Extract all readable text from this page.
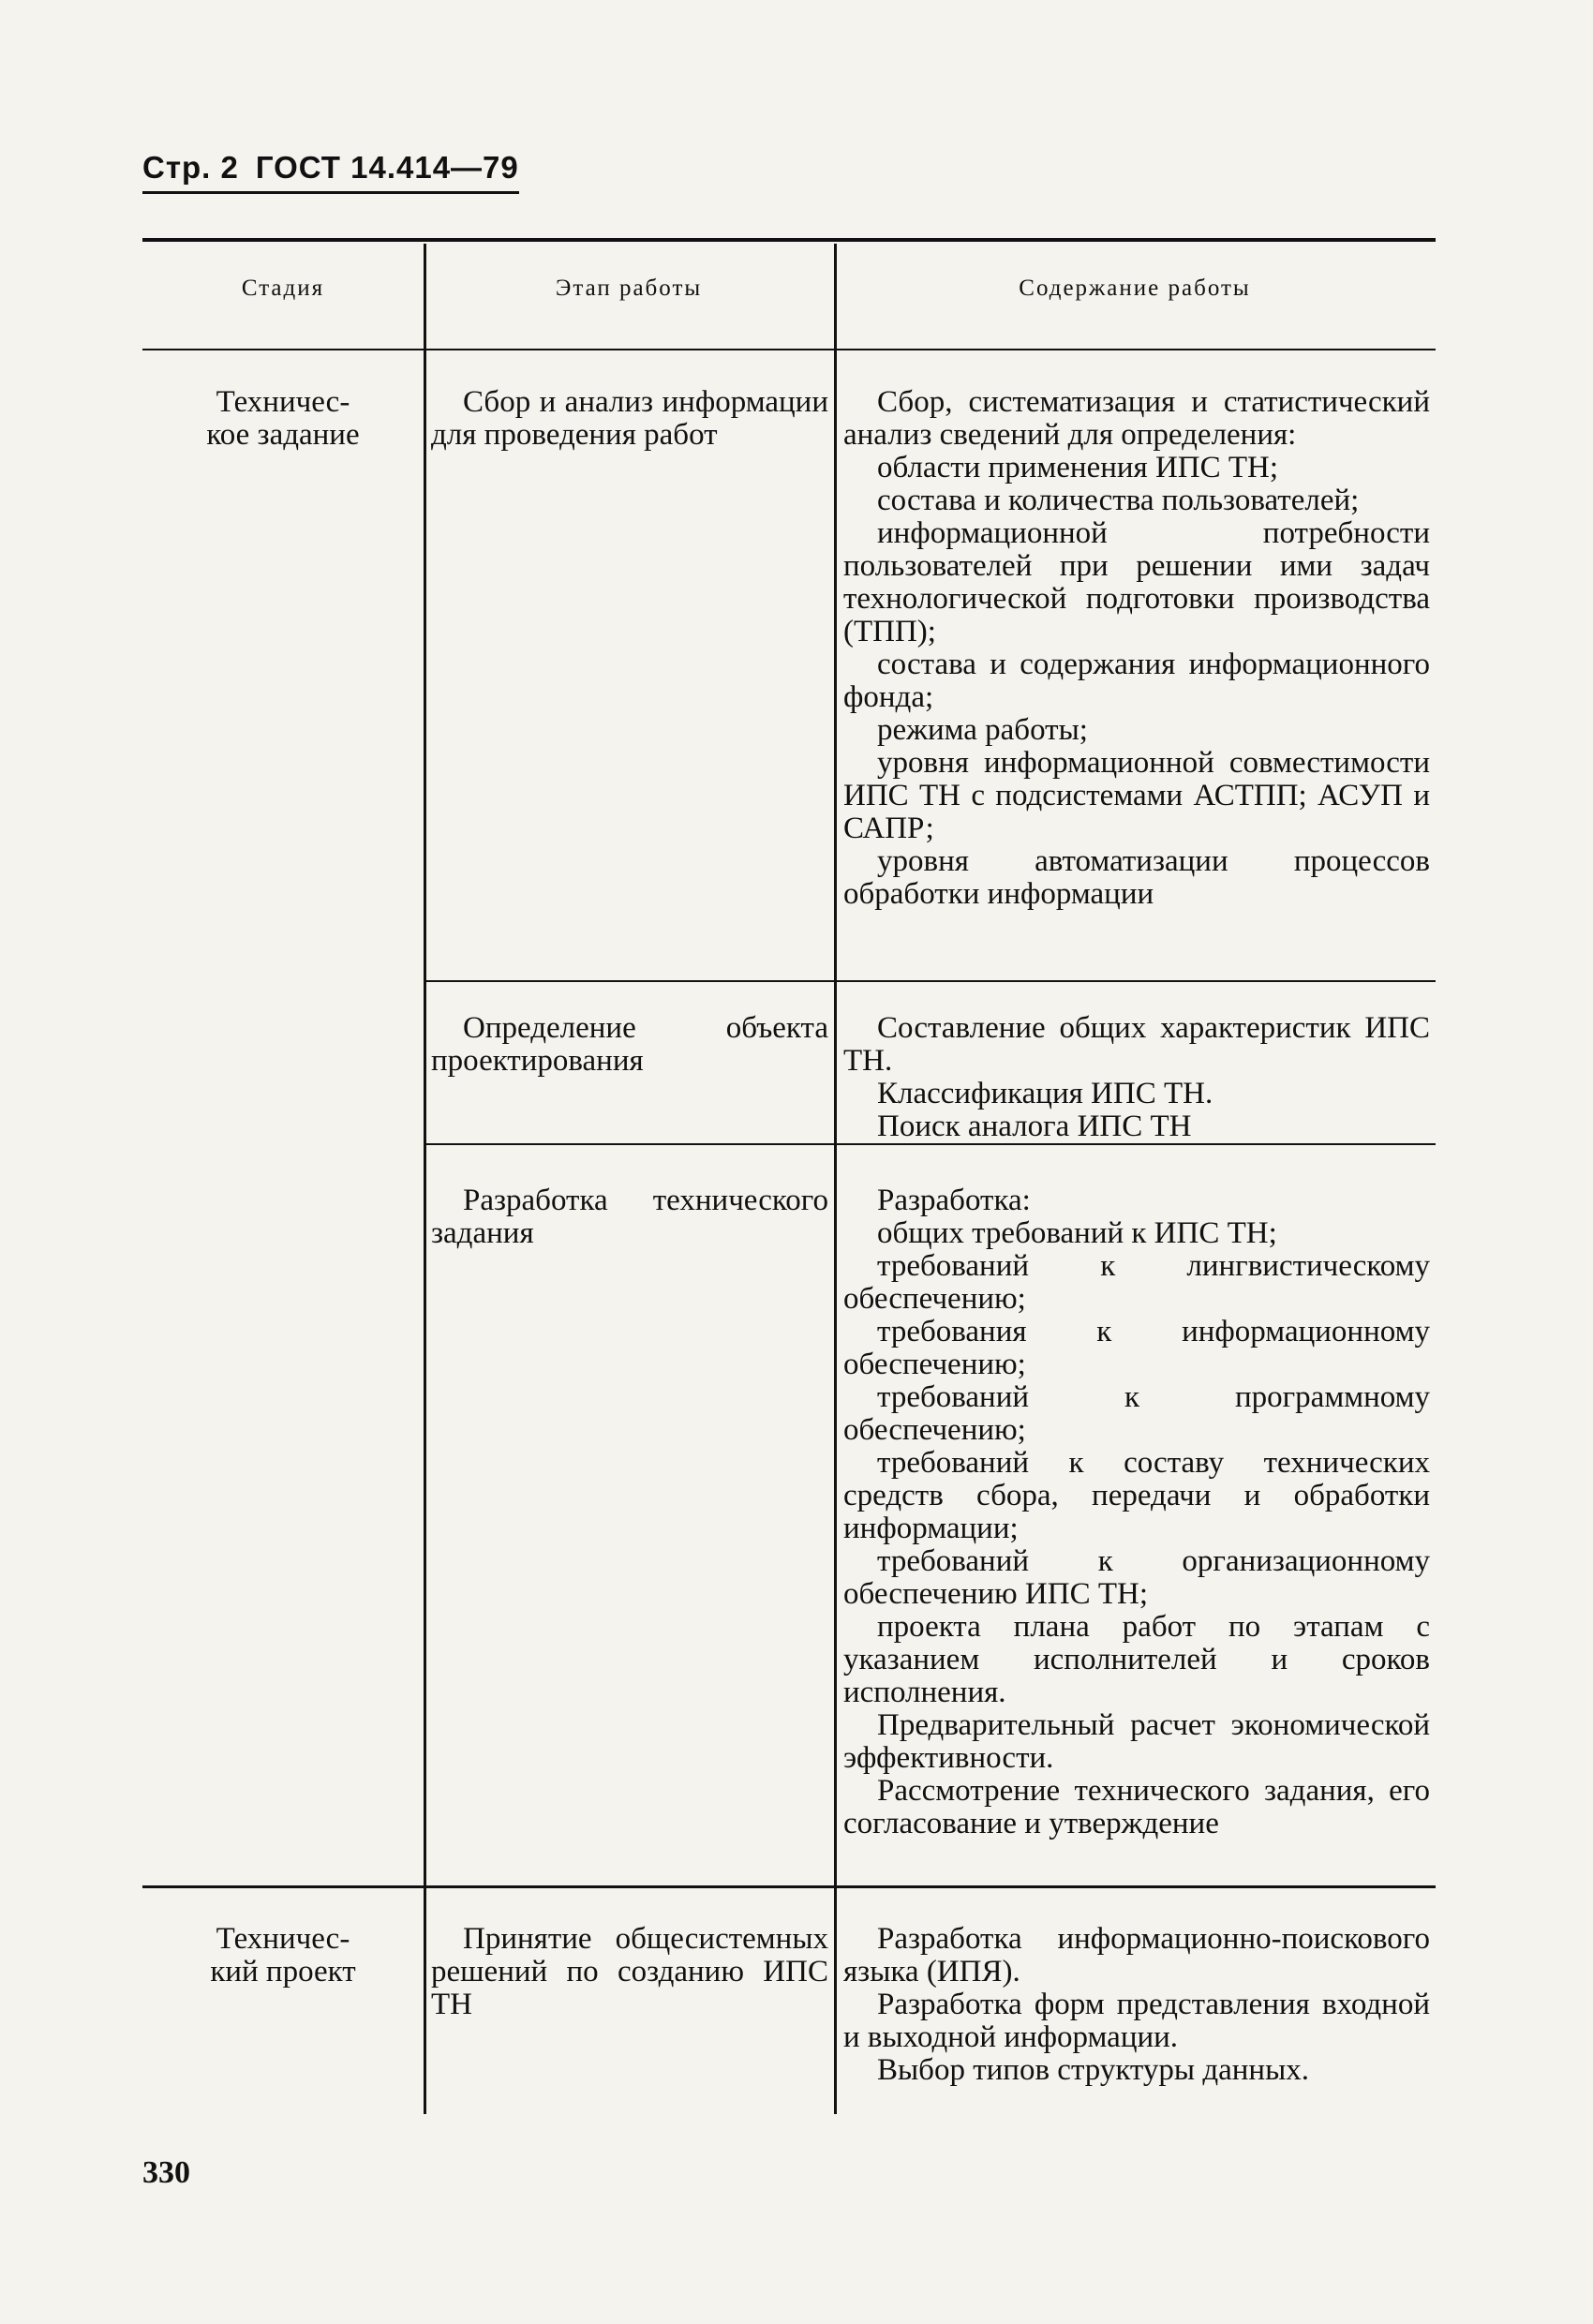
Стр. 2 ГОСТ 14.414—79
Стадия	Этап работы	Содержание работы
Техничес-
кое задание

Сбор и анализ информации для проведения работ

Сбор, систематизация и статистический анализ сведений для определения:

области применения ИПС ТН;

состава и количества пользователей;

информационной потребности пользователей при решении ими задач технологической подготовки производства (ТПП);

состава и содержания информационного фонда;

режима работы;

уровня информационной совместимости ИПС ТН с подсистемами АСТПП; АСУП и САПР;

уровня автоматизации процессов обработки информации

Определение объекта проектирования

Составление общих характеристик ИПС ТН.

Классификация ИПС ТН.

Поиск аналога ИПС ТН

Разработка технического задания

Разработка:

общих требований к ИПС ТН;

требований к лингвистическому обеспечению;

требования к информационному обеспечению;

требований к программному обеспечению;

требований к составу технических средств сбора, передачи и обработки информации;

требований к организационному обеспечению ИПС ТН;

проекта плана работ по этапам с указанием исполнителей и сроков исполнения.

Предварительный расчет экономической эффективности.

Рассмотрение технического задания, его согласование и утверждение

Техничес-
кий проект

Принятие общесистемных решений по созданию ИПС ТН

Разработка информационно-поискового языка (ИПЯ).

Разработка форм представления входной и выходной информации.

Выбор типов структуры данных.

330
